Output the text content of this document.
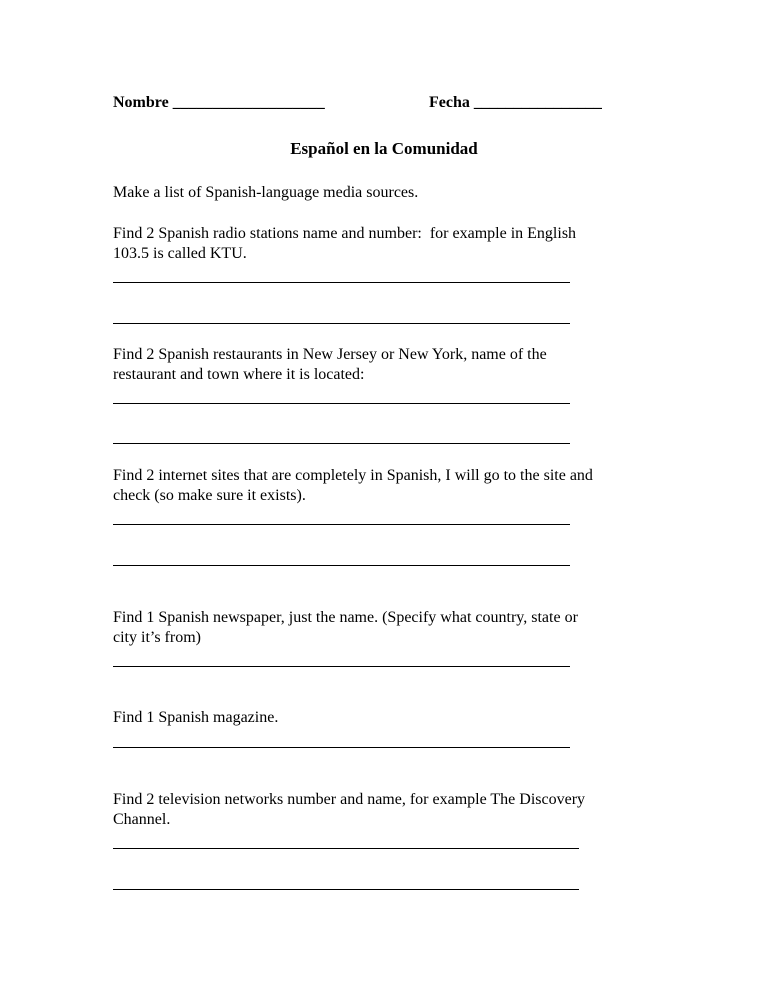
Nombre ___________________	Fecha ________________
Español en la Comunidad
Make a list of Spanish-language media sources.
Find 2 Spanish radio stations name and number:  for example in English
103.5 is called KTU.
Find 2 Spanish restaurants in New Jersey or New York, name of the
restaurant and town where it is located:
Find 2 internet sites that are completely in Spanish, I will go to the site and
check (so make sure it exists).
Find 1 Spanish newspaper, just the name. (Specify what country, state or
city it’s from)
Find 1 Spanish magazine.
Find 2 television networks number and name, for example The Discovery
Channel.
